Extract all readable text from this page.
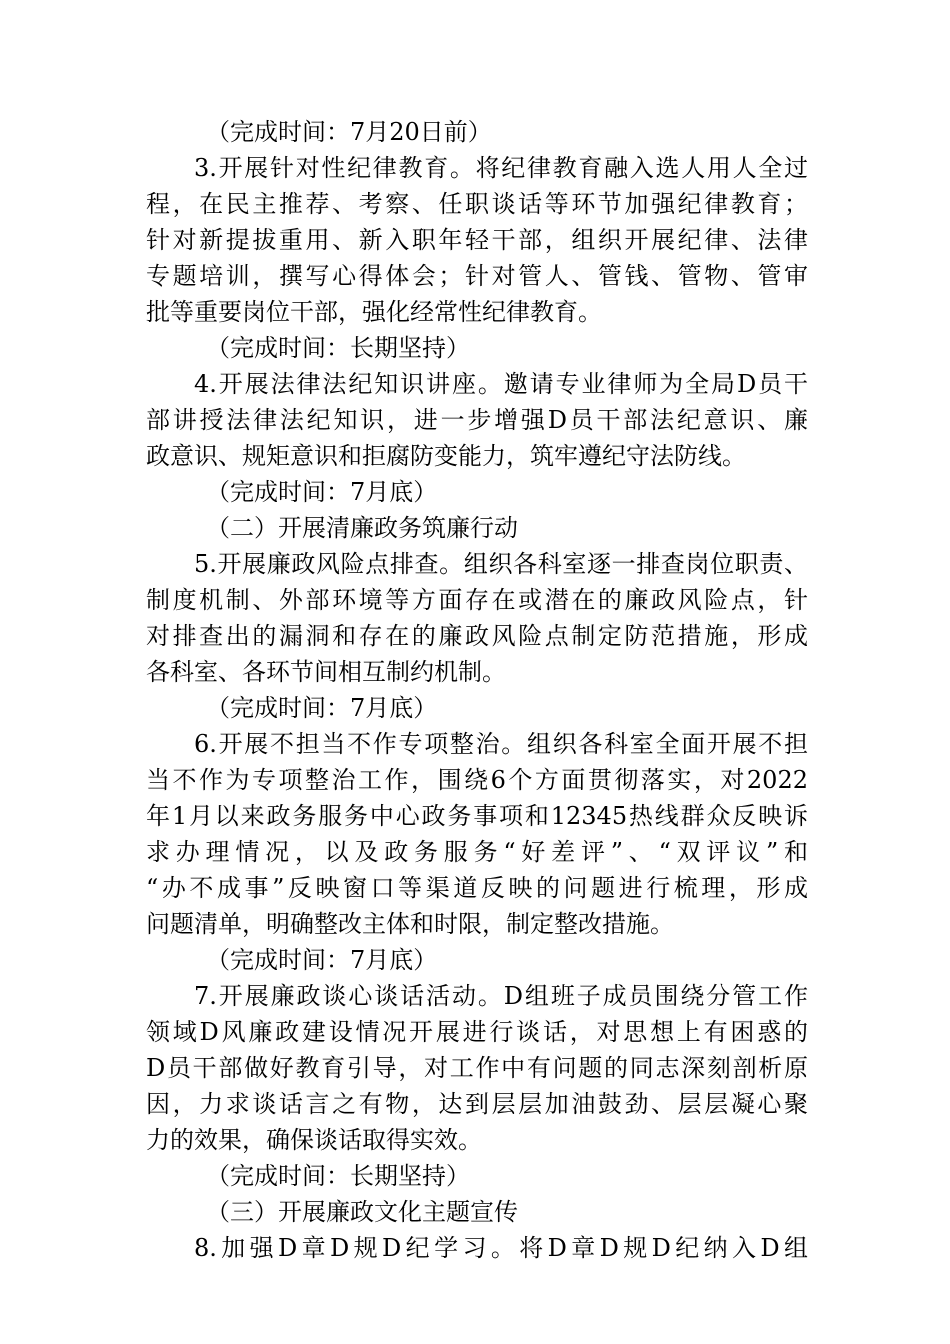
（完成时间：7月20日前）
3.开展针对性纪律教育。将纪律教育融入选人用人全过
程，在民主推荐、考察、任职谈话等环节加强纪律教育；
针对新提拔重用、新入职年轻干部，组织开展纪律、法律
专题培训，撰写心得体会；针对管人、管钱、管物、管审
批等重要岗位干部，强化经常性纪律教育。
（完成时间：长期坚持）
4.开展法律法纪知识讲座。邀请专业律师为全局D员干
部讲授法律法纪知识，进一步增强D员干部法纪意识、廉
政意识、规矩意识和拒腐防变能力，筑牢遵纪守法防线。
（完成时间：7月底）
（二）开展清廉政务筑廉行动
5.开展廉政风险点排查。组织各科室逐一排查岗位职责、
制度机制、外部环境等方面存在或潜在的廉政风险点，针
对排查出的漏洞和存在的廉政风险点制定防范措施，形成
各科室、各环节间相互制约机制。
（完成时间：7月底）
6.开展不担当不作专项整治。组织各科室全面开展不担
当不作为专项整治工作，围绕6个方面贯彻落实，对2022
年1月以来政务服务中心政务事项和12345热线群众反映诉
求办理情况，以及政务服务“好差评”、“双评议”和
“办不成事”反映窗口等渠道反映的问题进行梳理，形成
问题清单，明确整改主体和时限，制定整改措施。
（完成时间：7月底）
7.开展廉政谈心谈话活动。D组班子成员围绕分管工作
领域D风廉政建设情况开展进行谈话，对思想上有困惑的
D员干部做好教育引导，对工作中有问题的同志深刻剖析原
因，力求谈话言之有物，达到层层加油鼓劲、层层凝心聚
力的效果，确保谈话取得实效。
（完成时间：长期坚持）
（三）开展廉政文化主题宣传
8.加强D章D规D纪学习。将D章D规D纪纳入D组
